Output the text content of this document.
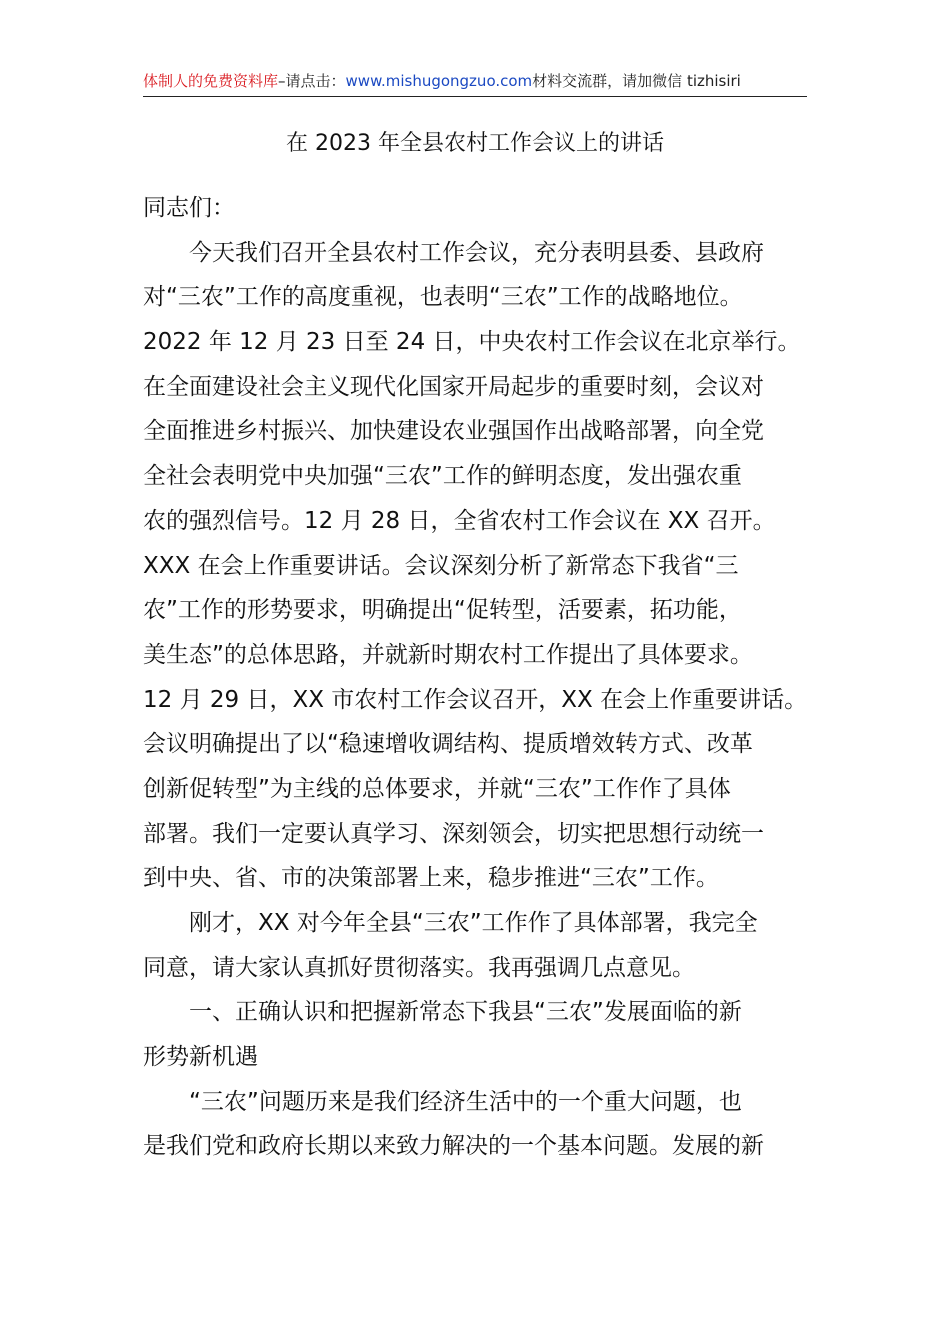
体制人的免费资料库–请点击：www.mishugongzuo.com材料交流群，请加微信 tizhisiri
在 2023 年全县农村工作会议上的讲话
同志们：
　　今天我们召开全县农村工作会议，充分表明县委、县政府
对“三农”工作的高度重视，也表明“三农”工作的战略地位。
2022 年 12 月 23 日至 24 日，中央农村工作会议在北京举行。
在全面建设社会主义现代化国家开局起步的重要时刻，会议对
全面推进乡村振兴、加快建设农业强国作出战略部署，向全党
全社会表明党中央加强“三农”工作的鲜明态度，发出强农重
农的强烈信号。12 月 28 日，全省农村工作会议在 XX 召开。
XXX 在会上作重要讲话。会议深刻分析了新常态下我省“三
农”工作的形势要求，明确提出“促转型，活要素，拓功能，
美生态”的总体思路，并就新时期农村工作提出了具体要求。
12 月 29 日，XX 市农村工作会议召开，XX 在会上作重要讲话。
会议明确提出了以“稳速增收调结构、提质增效转方式、改革
创新促转型”为主线的总体要求，并就“三农”工作作了具体
部署。我们一定要认真学习、深刻领会，切实把思想行动统一
到中央、省、市的决策部署上来，稳步推进“三农”工作。
　　刚才，XX 对今年全县“三农”工作作了具体部署，我完全
同意，请大家认真抓好贯彻落实。我再强调几点意见。
　　一、正确认识和把握新常态下我县“三农”发展面临的新
形势新机遇
　　“三农”问题历来是我们经济生活中的一个重大问题，也
是我们党和政府长期以来致力解决的一个基本问题。发展的新
